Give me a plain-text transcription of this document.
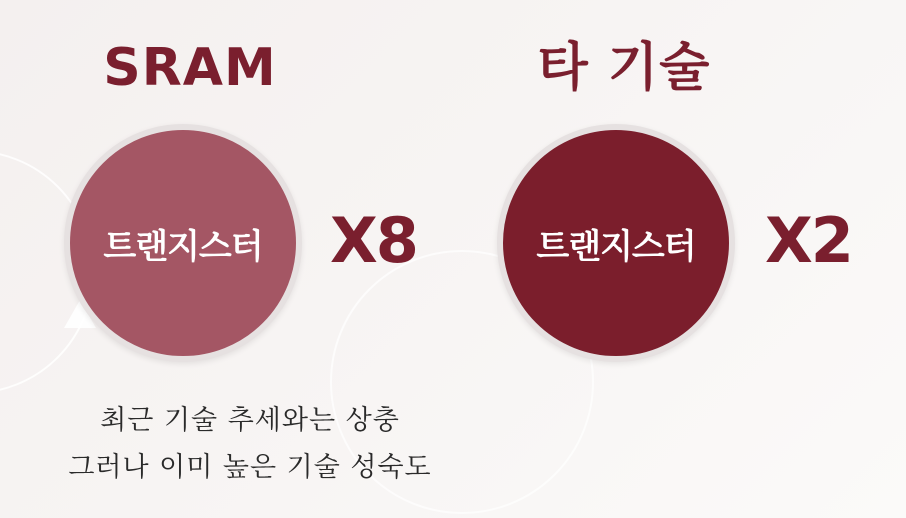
SRAM	타 기술
트랜지스터	트랜지스터
X8	X2
최근 기술 추세와는 상충
그러나 이미 높은 기술 성숙도
